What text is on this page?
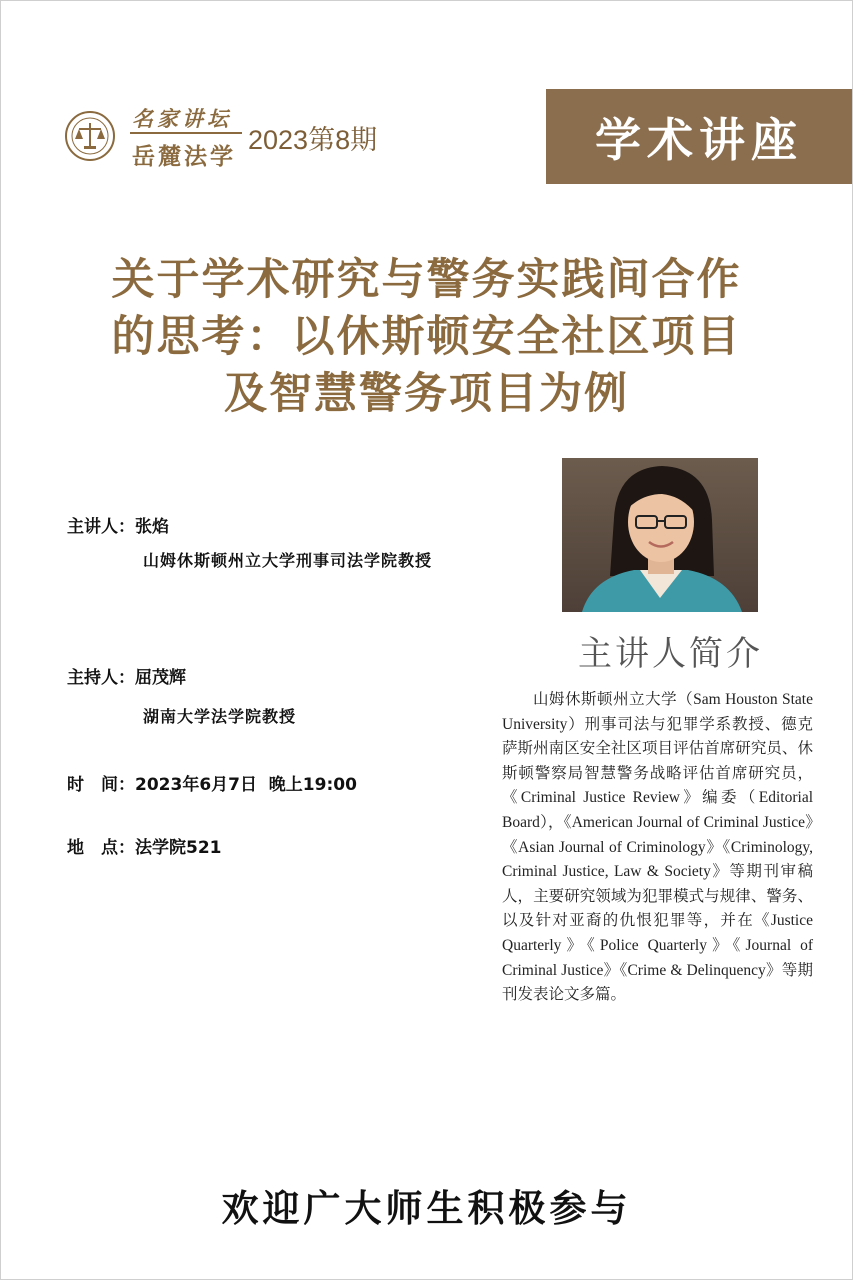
名家讲坛
岳麓法学
2023第8期	学术讲座
关于学术研究与警务实践间合作
的思考：以休斯顿安全社区项目
及智慧警务项目为例
主讲人：张焰
山姆休斯顿州立大学刑事司法学院教授
主持人：屈茂辉
湖南大学法学院教授
时　间：2023年6月7日  晚上19:00
地　点：法学院521
主讲人简介
山姆休斯顿州立大学（Sam Houston State University）刑事司法与犯罪学系教授、德克萨斯州南区安全社区项目评估首席研究员、休斯顿警察局智慧警务战略评估首席研究员，《Criminal Justice Review》编委（Editorial Board），《American Journal of Criminal Justice》《Asian Journal of Criminology》《Criminology, Criminal Justice, Law & Society》等期刊审稿人，主要研究领域为犯罪模式与规律、警务、以及针对亚裔的仇恨犯罪等，并在《Justice Quarterly》《Police Quarterly》《Journal of Criminal Justice》《Crime & Delinquency》等期刊发表论文多篇。
欢迎广大师生积极参与
